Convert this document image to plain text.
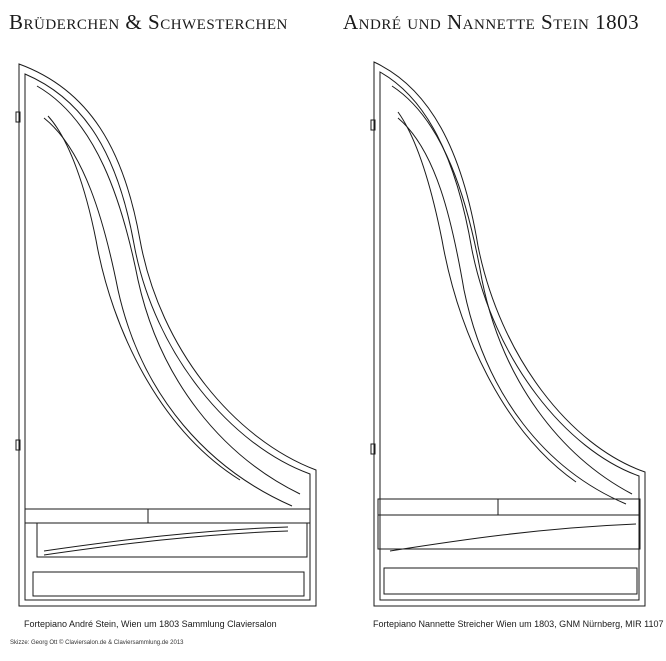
Brüderchen & Schwesterchen	André und Nannette Stein 1803
Fortepiano André Stein, Wien um 1803 Sammlung Claviersalon	Fortepiano Nannette Streicher Wien um 1803, GNM Nürnberg, MIR 1107
Skizze: Georg Ott © Claviersalon.de & Claviersammlung.de 2013
